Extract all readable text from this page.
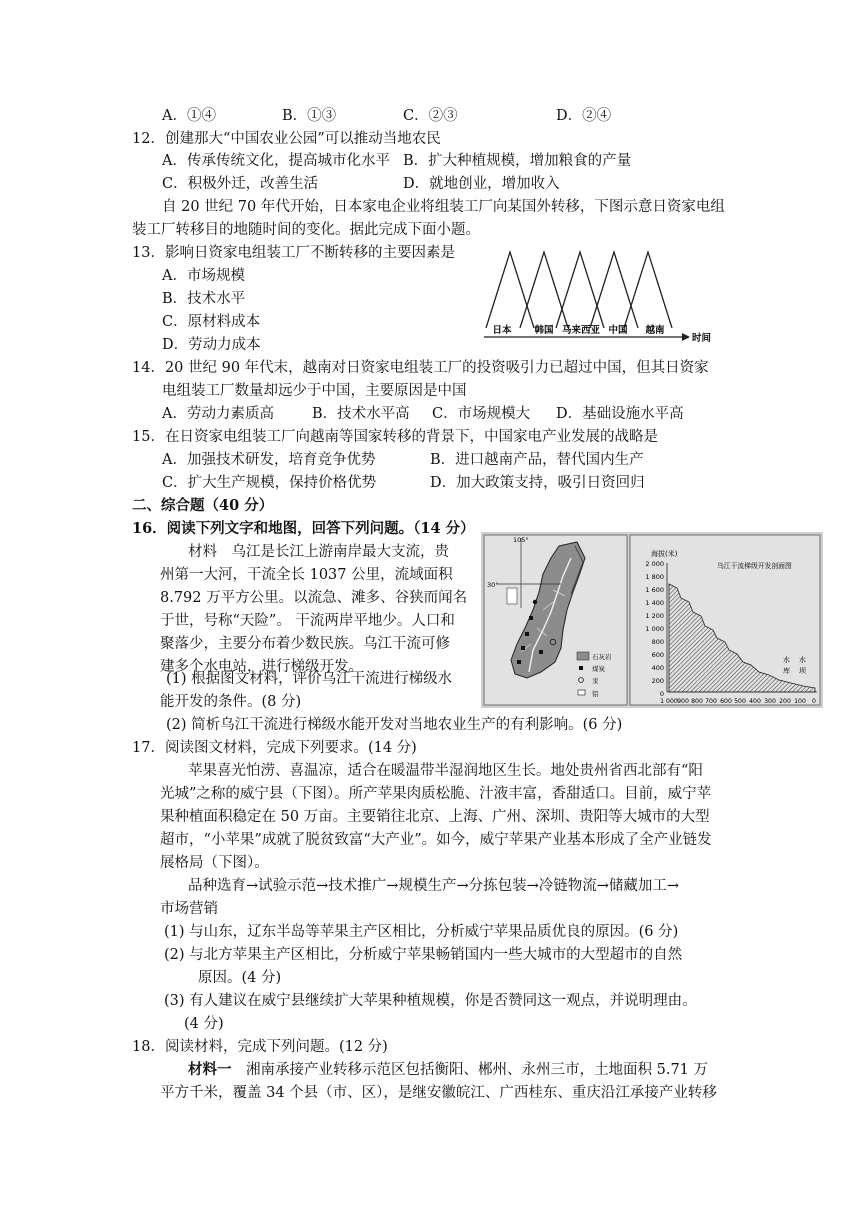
A．①④	B．①③	C．②③	D．②④
12．创建那大“中国农业公园”可以推动当地农民
A．传承传统文化，提高城市化水平 B．扩大种植规模，增加粮食的产量
C．积极外迁，改善生活	D．就地创业，增加收入
自 20 世纪 70 年代开始，日本家电企业将组装工厂向某国外转移，下图示意日资家电组
装工厂转移目的地随时间的变化。据此完成下面小题。
13．影响日资家电组装工厂不断转移的主要因素是
A．市场规模
B．技术水平
C．原材料成本
D．劳动力成本
日本 韩国 马来西亚 中国 越南
时间
14．20 世纪 90 年代末，越南对日资家电组装工厂的投资吸引力已超过中国，但其日资家
电组装工厂数量却远少于中国，主要原因是中国
A．劳动力素质高	B．技术水平高 C．市场规模大 D．基础设施水平高
15．在日资家电组装工厂向越南等国家转移的背景下，中国家电产业发展的战略是
A．加强技术研发，培育竞争优势	B．进口越南产品，替代国内生产
C．扩大生产规模，保持价格优势	D．加大政策支持，吸引日资回归
二、综合题（40 分）
16．阅读下列文字和地图，回答下列问题。（14 分）
材料　乌江是长江上游南岸最大支流，贵
州第一大河，干流全长 1037 公里，流域面积
8.792 万平方公里。以流急、滩多、谷狭而闻名
于世，号称“天险”。 干流两岸平地少。人口和
聚落少，主要分布着少数民族。乌江干流可修
建多个水电站，进行梯级开发。
(1) 根据图文材料，评价乌江干流进行梯级水
能开发的条件。(8 分)
(2) 简析乌江干流进行梯级水能开发对当地农业生产的有利影响。(6 分)
105°
30°
石灰岩
煤炭
汞
铝
海拔(米)
乌江干流梯级开发剖面图
2 000
1 800
1 600
1 400
1 200
1 000
800
600
400
200
0
水 水
库 坝
1 000 900 800 700 600 500 400 300 200 100 0
17．阅读图文材料，完成下列要求。(14 分)
苹果喜光怕涝、喜温凉，适合在暖温带半湿润地区生长。地处贵州省西北部有“阳
光城”之称的威宁县（下图）。所产苹果肉质松脆、汁液丰富，香甜适口。目前，威宁苹
果种植面积稳定在 50 万亩。主要销往北京、上海、广州、深圳、贵阳等大城市的大型
超市，“小苹果”成就了脱贫致富“大产业”。如今，威宁苹果产业基本形成了全产业链发
展格局（下图）。
品种选育→试验示范→技术推广→规模生产→分拣包装→冷链物流→储藏加工→
市场营销
(1) 与山东，辽东半岛等苹果主产区相比，分析威宁苹果品质优良的原因。(6 分)
(2) 与北方苹果主产区相比，分析威宁苹果畅销国内一些大城市的大型超市的自然
原因。(4 分)
(3) 有人建议在威宁县继续扩大苹果种植规模，你是否赞同这一观点，并说明理由。
(4 分)
18．阅读材料，完成下列问题。(12 分)
材料一　湘南承接产业转移示范区包括衡阳、郴州、永州三市，土地面积 5.71 万
平方千米，覆盖 34 个县（市、区），是继安徽皖江、广西桂东、重庆沿江承接产业转移
